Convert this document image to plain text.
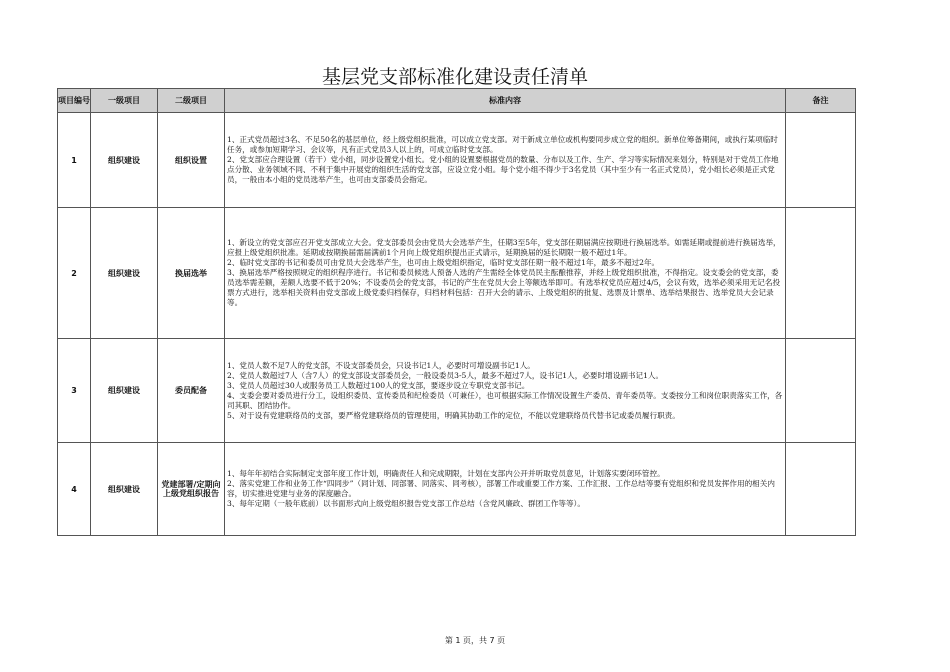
基层党支部标准化建设责任清单
项目编号	一级项目	二级项目	标准内容	备注
1	组织建设	组织设置	1、正式党员超过3名、不足50名的基层单位，经上级党组织批准，可以成立党支部。对于新成立单位或机构要同步成立党的组织。新单位筹备期间，或执行某项临时任务，或参加短期学习、会议等，凡有正式党员3人以上的，可成立临时党支部。
2、党支部应合理设置（若干）党小组，同步设置党小组长。党小组的设置要根据党员的数量、分布以及工作、生产、学习等实际情况来划分，特别是对于党员工作地点分散、业务领域不同、不利于集中开展党的组织生活的党支部，应设立党小组。每个党小组不得少于3名党员（其中至少有一名正式党员），党小组长必须是正式党员，一般由本小组的党员选举产生，也可由支部委员会指定。	
2	组织建设	换届选举	1、新设立的党支部应召开党支部成立大会。党支部委员会由党员大会选举产生，任期3至5年，党支部任期届满应按期进行换届选举。如需延期或提前进行换届选举，应报上级党组织批准。延期或按期换届需届满前1个月向上级党组织提出正式请示，延期换届的延长期限一般不超过1年。
2、临时党支部的书记和委员可由党员大会选举产生，也可由上级党组织指定，临时党支部任期一般不超过1年，最多不超过2年。
3、换届选举严格按照规定的组织程序进行。书记和委员候选人预备人选的产生需经全体党员民主酝酿推荐，并经上级党组织批准，不得指定。设支委会的党支部，委员选举需差额，差额人选要不低于20%；不设委员会的党支部，书记的产生在党员大会上等额选举即可。有选举权党员应超过4/5，会议有效，选举必须采用无记名投票方式进行，选举相关资料由党支部或上级党委归档保存，归档材料包括：召开大会的请示、上级党组织的批复、选票及计票单、选举结果报告、选举党员大会记录等。	
3	组织建设	委员配备	1、党员人数不足7人的党支部，不设支部委员会，只设书记1人，必要时可增设副书记1人。
2、党员人数超过7人（含7人）的党支部设支部委员会，一般设委员3-5人，最多不超过7人，设书记1人，必要时增设副书记1人。
3、党员人员超过30人或服务员工人数超过100人的党支部，要逐步设立专职党支部书记。
4、支委会要对委员进行分工，设组织委员、宣传委员和纪检委员（可兼任），也可根据实际工作情况设置生产委员、青年委员等。支委按分工和岗位职责落实工作，各司其职、团结协作。
5、对于设有党建联络员的支部，要严格党建联络员的管理使用，明确其协助工作的定位，不能以党建联络员代替书记或委员履行职责。	
4	组织建设	党建部署/定期向上级党组织报告	1、每年年初结合实际制定支部年度工作计划，明确责任人和完成期限，计划在支部内公开并听取党员意见，计划落实要闭环管控。
2、落实党建工作和业务工作“四同步”（同计划、同部署、同落实、同考核），部署工作或重要工作方案、工作汇报、工作总结等要有党组织和党员发挥作用的相关内容，切实推进党建与业务的深度融合。
3、每年定期（一般年底前）以书面形式向上级党组织报告党支部工作总结（含党风廉政、群团工作等等）。	
第 1 页，共 7 页
